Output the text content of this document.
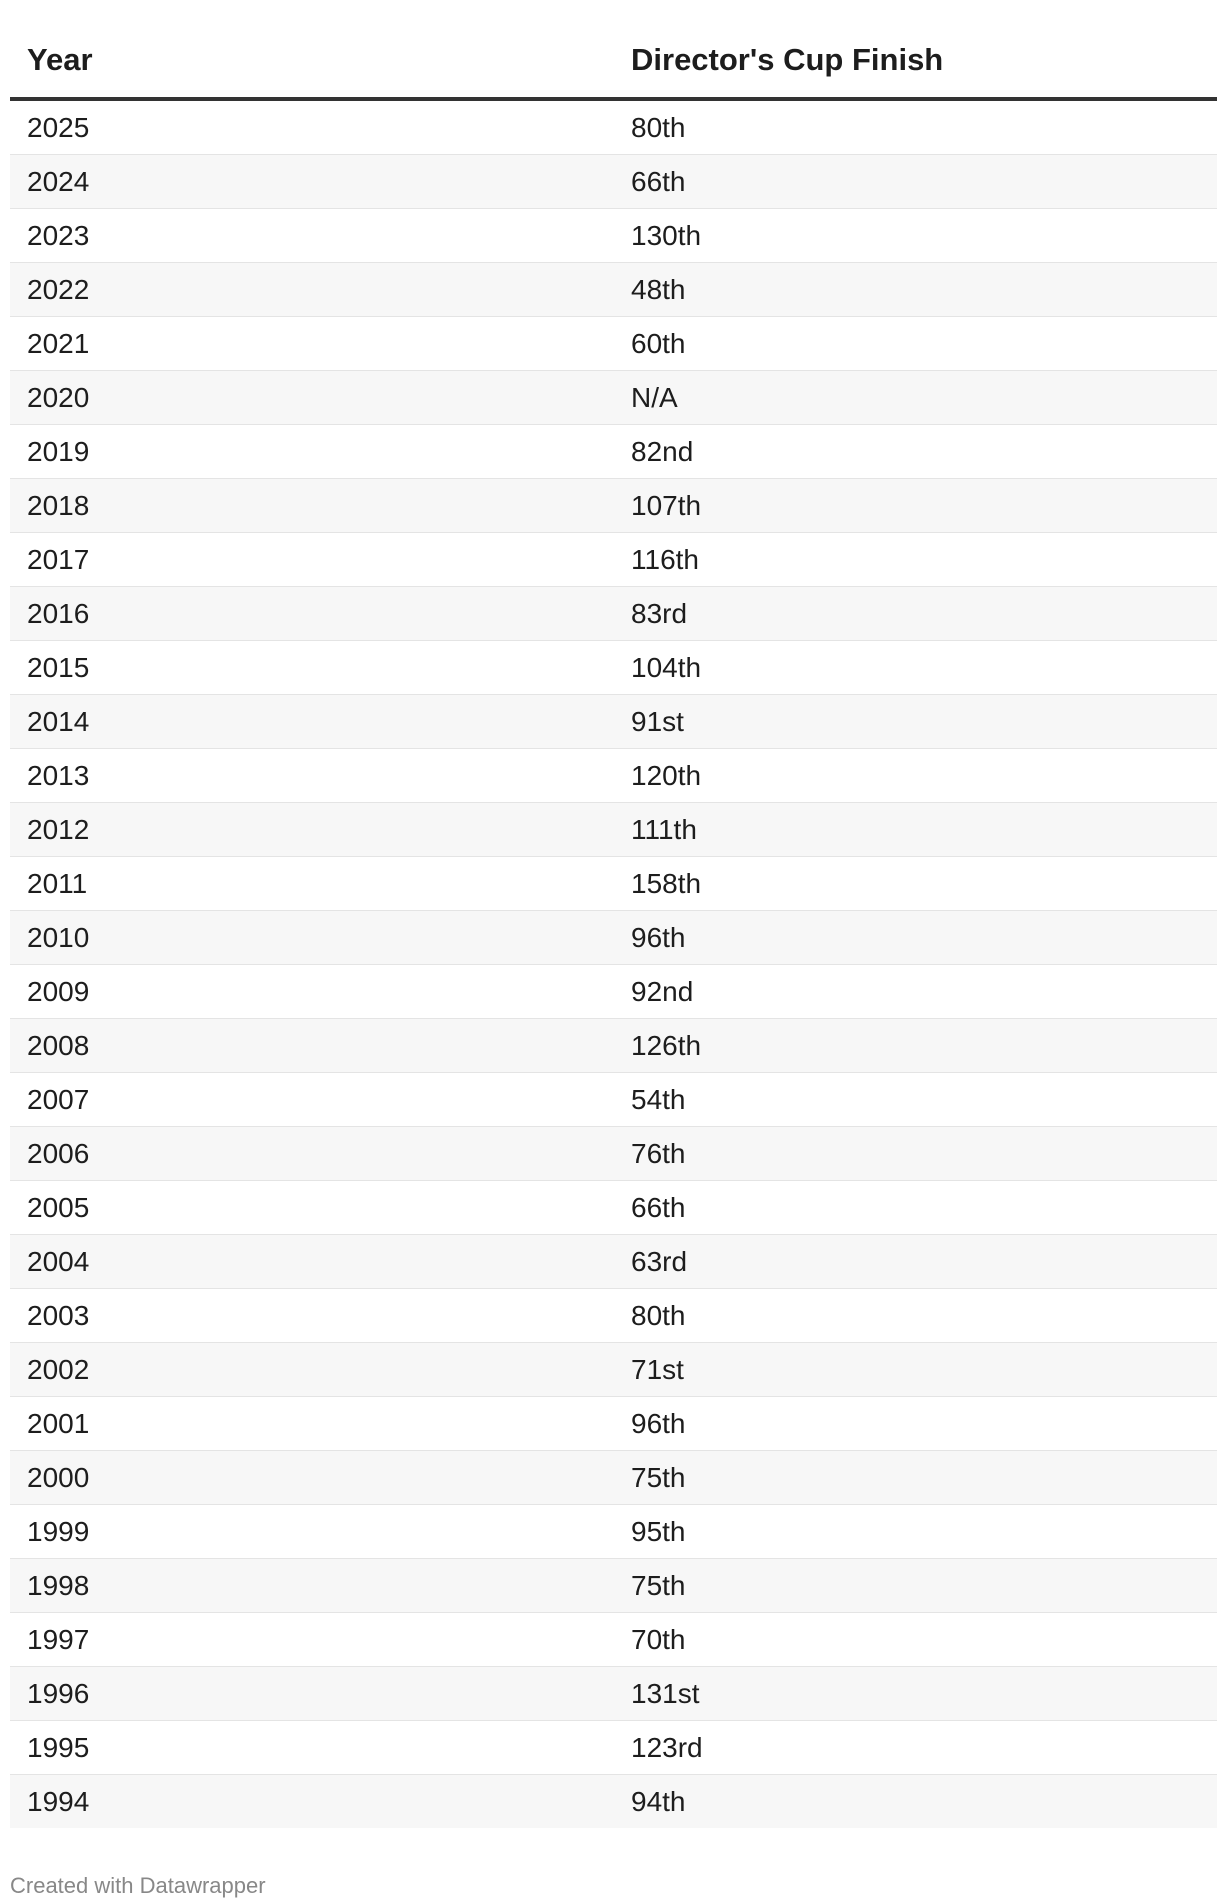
Year	Director's Cup Finish
2025	80th
2024	66th
2023	130th
2022	48th
2021	60th
2020	N/A
2019	82nd
2018	107th
2017	116th
2016	83rd
2015	104th
2014	91st
2013	120th
2012	111th
2011	158th
2010	96th
2009	92nd
2008	126th
2007	54th
2006	76th
2005	66th
2004	63rd
2003	80th
2002	71st
2001	96th
2000	75th
1999	95th
1998	75th
1997	70th
1996	131st
1995	123rd
1994	94th
Created with Datawrapper
